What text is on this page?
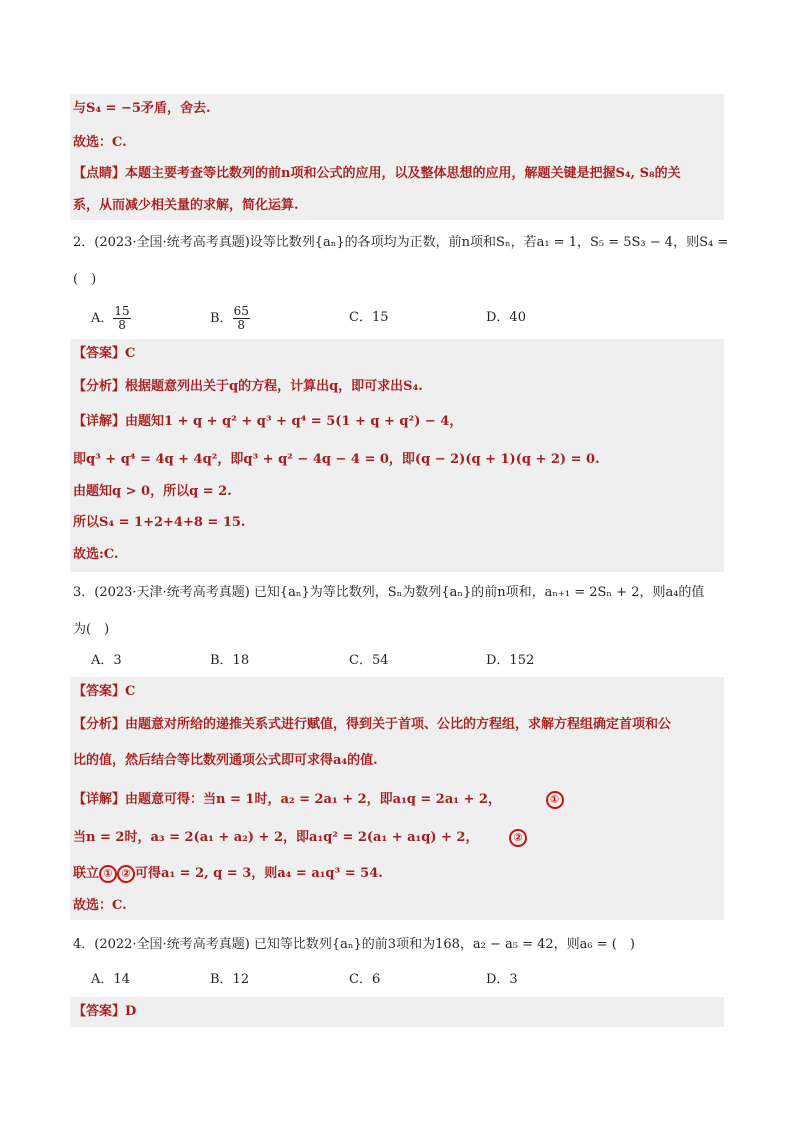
与S₄ = −5矛盾，舍去.
故选：C.
【点睛】本题主要考查等比数列的前n项和公式的应用，以及整体思想的应用，解题关键是把握S₄, S₈的关
系，从而减少相关量的求解，简化运算.
2．(2023·全国·统考高考真题)设等比数列{aₙ}的各项均为正数，前n项和Sₙ，若a₁ = 1，S₅ = 5S₃ − 4，则S₄ =
(　)
A． $\frac{15}{8}$	B． $\frac{65}{8}$	C．15	D．40
【答案】C
【分析】根据题意列出关于q的方程，计算出q，即可求出S₄.
【详解】由题知1 + q + q² + q³ + q⁴ = 5(1 + q + q²) − 4，
即q³ + q⁴ = 4q + 4q²，即q³ + q² − 4q − 4 = 0，即(q − 2)(q + 1)(q + 2) = 0.
由题知q > 0，所以q = 2.
所以S₄ = 1+2+4+8 = 15.
故选:C.
3．(2023·天津·统考高考真题) 已知{aₙ}为等比数列，Sₙ为数列{aₙ}的前n项和，aₙ₊₁ = 2Sₙ + 2，则a₄的值
为(　)
A．3	B．18	C．54	D．152
【答案】C
【分析】由题意对所给的递推关系式进行赋值，得到关于首项、公比的方程组，求解方程组确定首项和公
比的值，然后结合等比数列通项公式即可求得a₄的值.
【详解】由题意可得：当n = 1时，a₂ = 2a₁ + 2，即a₁q = 2a₁ + 2，	①
当n = 2时，a₃ = 2(a₁ + a₂) + 2，即a₁q² = 2(a₁ + a₁q) + 2，	②
联立 ① ② 可得a₁ = 2, q = 3，则a₄ = a₁q³ = 54.
故选：C.
4．(2022·全国·统考高考真题) 已知等比数列{aₙ}的前3项和为168，a₂ − a₅ = 42，则a₆ = (　)
A．14	B．12	C．6	D．3
【答案】D
